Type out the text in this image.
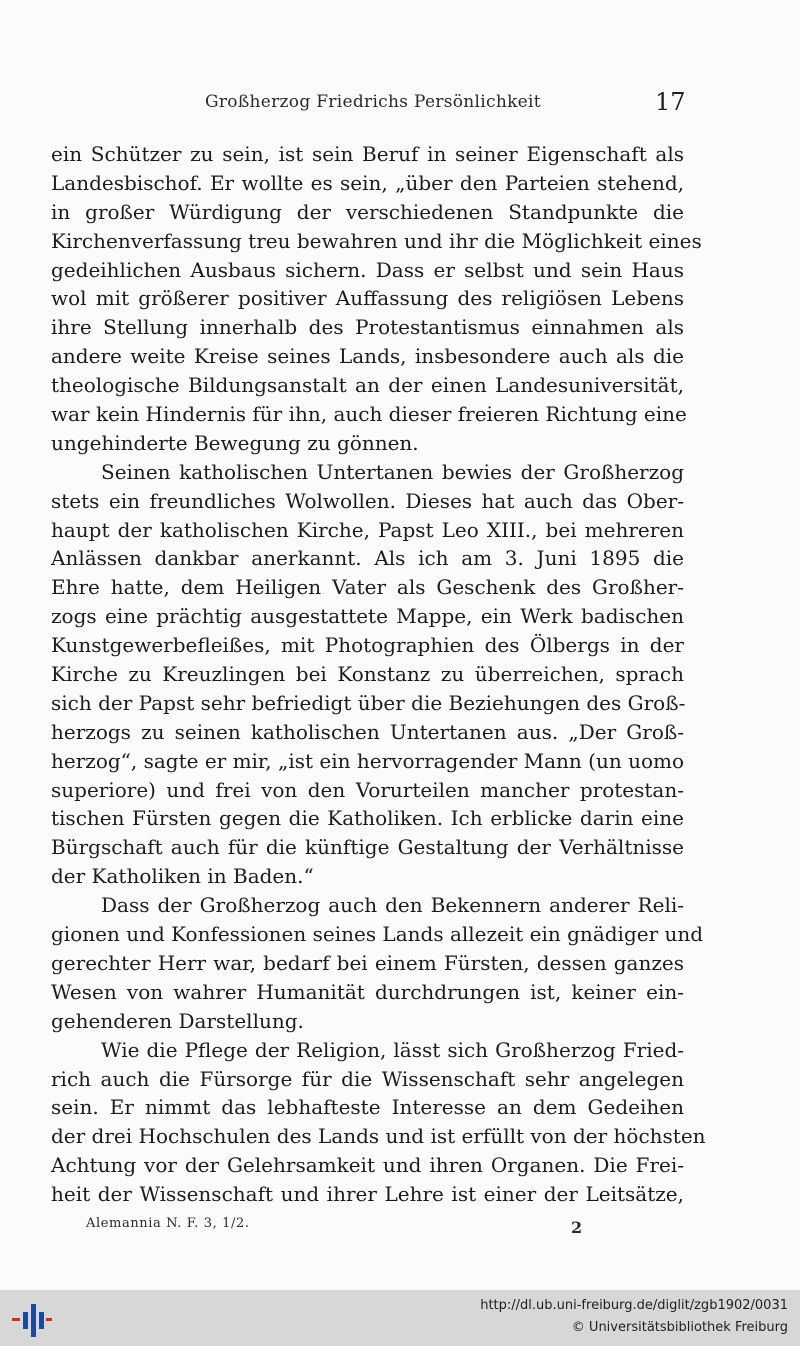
Großherzog Friedrichs Persönlichkeit	17
ein Schützer zu sein, ist sein Beruf in seiner Eigenschaft als
Landesbischof. Er wollte es sein, „über den Parteien stehend,
in großer Würdigung der verschiedenen Standpunkte die
Kirchenverfassung treu bewahren und ihr die Möglichkeit eines
gedeihlichen Ausbaus sichern. Dass er selbst und sein Haus
wol mit größerer positiver Auffassung des religiösen Lebens
ihre Stellung innerhalb des Protestantismus einnahmen als
andere weite Kreise seines Lands, insbesondere auch als die
theologische Bildungsanstalt an der einen Landesuniversität,
war kein Hindernis für ihn, auch dieser freieren Richtung eine
ungehinderte Bewegung zu gönnen.
Seinen katholischen Untertanen bewies der Großherzog
stets ein freundliches Wolwollen. Dieses hat auch das Ober-
haupt der katholischen Kirche, Papst Leo XIII., bei mehreren
Anlässen dankbar anerkannt. Als ich am 3. Juni 1895 die
Ehre hatte, dem Heiligen Vater als Geschenk des Großher-
zogs eine prächtig ausgestattete Mappe, ein Werk badischen
Kunstgewerbefleißes, mit Photographien des Ölbergs in der
Kirche zu Kreuzlingen bei Konstanz zu überreichen, sprach
sich der Papst sehr befriedigt über die Beziehungen des Groß-
herzogs zu seinen katholischen Untertanen aus. „Der Groß-
herzog“, sagte er mir, „ist ein hervorragender Mann (un uomo
superiore) und frei von den Vorurteilen mancher protestan-
tischen Fürsten gegen die Katholiken. Ich erblicke darin eine
Bürgschaft auch für die künftige Gestaltung der Verhältnisse
der Katholiken in Baden.“
Dass der Großherzog auch den Bekennern anderer Reli-
gionen und Konfessionen seines Lands allezeit ein gnädiger und
gerechter Herr war, bedarf bei einem Fürsten, dessen ganzes
Wesen von wahrer Humanität durchdrungen ist, keiner ein-
gehenderen Darstellung.
Wie die Pflege der Religion, lässt sich Großherzog Fried-
rich auch die Fürsorge für die Wissenschaft sehr angelegen
sein. Er nimmt das lebhafteste Interesse an dem Gedeihen
der drei Hochschulen des Lands und ist erfüllt von der höchsten
Achtung vor der Gelehrsamkeit und ihren Organen. Die Frei-
heit der Wissenschaft und ihrer Lehre ist einer der Leitsätze,
Alemannia N. F. 3, 1/2.	2
http://dl.ub.uni-freiburg.de/diglit/zgb1902/0031
© Universitätsbibliothek Freiburg
